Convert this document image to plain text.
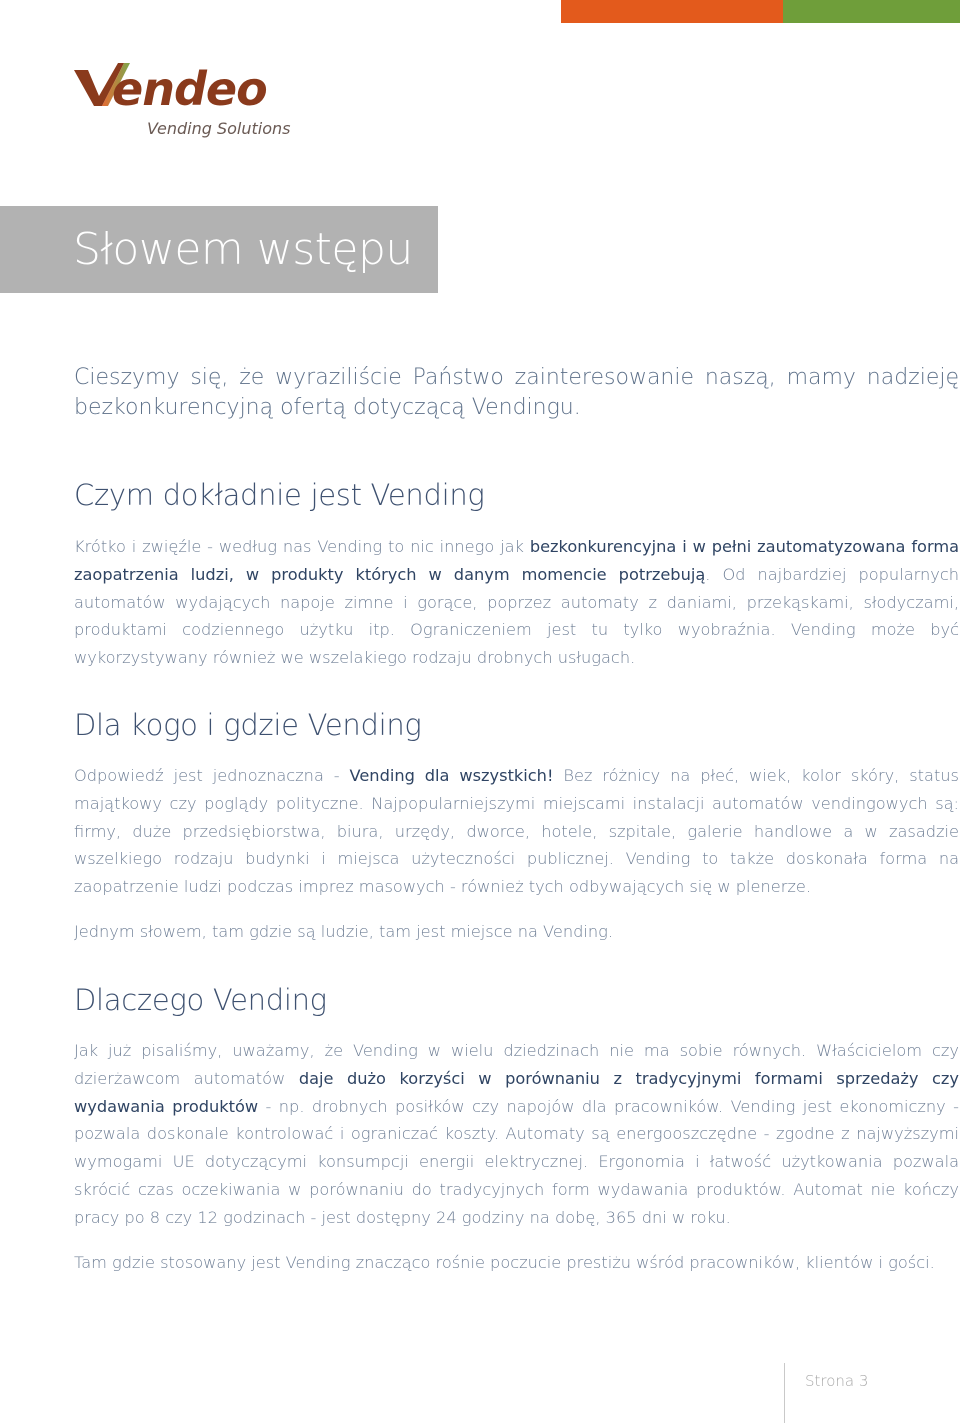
endeo
Vending Solutions
Słowem wstępu

Cieszymy się, że wyraziliście Państwo zainteresowanie naszą, mamy nadzieję bezkonkurencyjną ofertą dotyczącą Vendingu.

Czym dokładnie jest Vending

Krótko i zwięźle - według nas Vending to nic innego jak bezkonkurencyjna i w pełni zautomatyzowana forma zaopatrzenia ludzi, w produkty których w danym momencie potrzebują. Od najbardziej popularnych automatów wydających napoje zimne i gorące, poprzez automaty z daniami, przekąskami, słodyczami, produktami codziennego użytku itp. Ograniczeniem jest tu tylko wyobraźnia. Vending może być wykorzystywany również we wszelakiego rodzaju drobnych usługach.

Dla kogo i gdzie Vending

Odpowiedź jest jednoznaczna - Vending dla wszystkich! Bez różnicy na płeć, wiek, kolor skóry, status majątkowy czy poglądy polityczne. Najpopularniejszymi miejscami instalacji automatów vendingowych są: firmy, duże przedsiębiorstwa, biura, urzędy, dworce, hotele, szpitale, galerie handlowe a w zasadzie wszelkiego rodzaju budynki i miejsca użyteczności publicznej. Vending to także doskonała forma na zaopatrzenie ludzi podczas imprez masowych - również tych odbywających się w plenerze.

Jednym słowem, tam gdzie są ludzie, tam jest miejsce na Vending.

Dlaczego Vending

Jak już pisaliśmy, uważamy, że Vending w wielu dziedzinach nie ma sobie równych. Właścicielom czy dzierżawcom automatów daje dużo korzyści w porównaniu z tradycyjnymi formami sprzedaży czy wydawania produktów - np. drobnych posiłków czy napojów dla pracowników. Vending jest ekonomiczny - pozwala doskonale kontrolować i ograniczać koszty. Automaty są energooszczędne - zgodne z najwyższymi wymogami UE dotyczącymi konsumpcji energii elektrycznej. Ergonomia i łatwość użytkowania pozwala skrócić czas oczekiwania w porównaniu do tradycyjnych form wydawania produktów. Automat nie kończy pracy po 8 czy 12 godzinach - jest dostępny 24 godziny na dobę, 365 dni w roku.

Tam gdzie stosowany jest Vending znacząco rośnie poczucie prestiżu wśród pracowników, klientów i gości.

Strona 3
